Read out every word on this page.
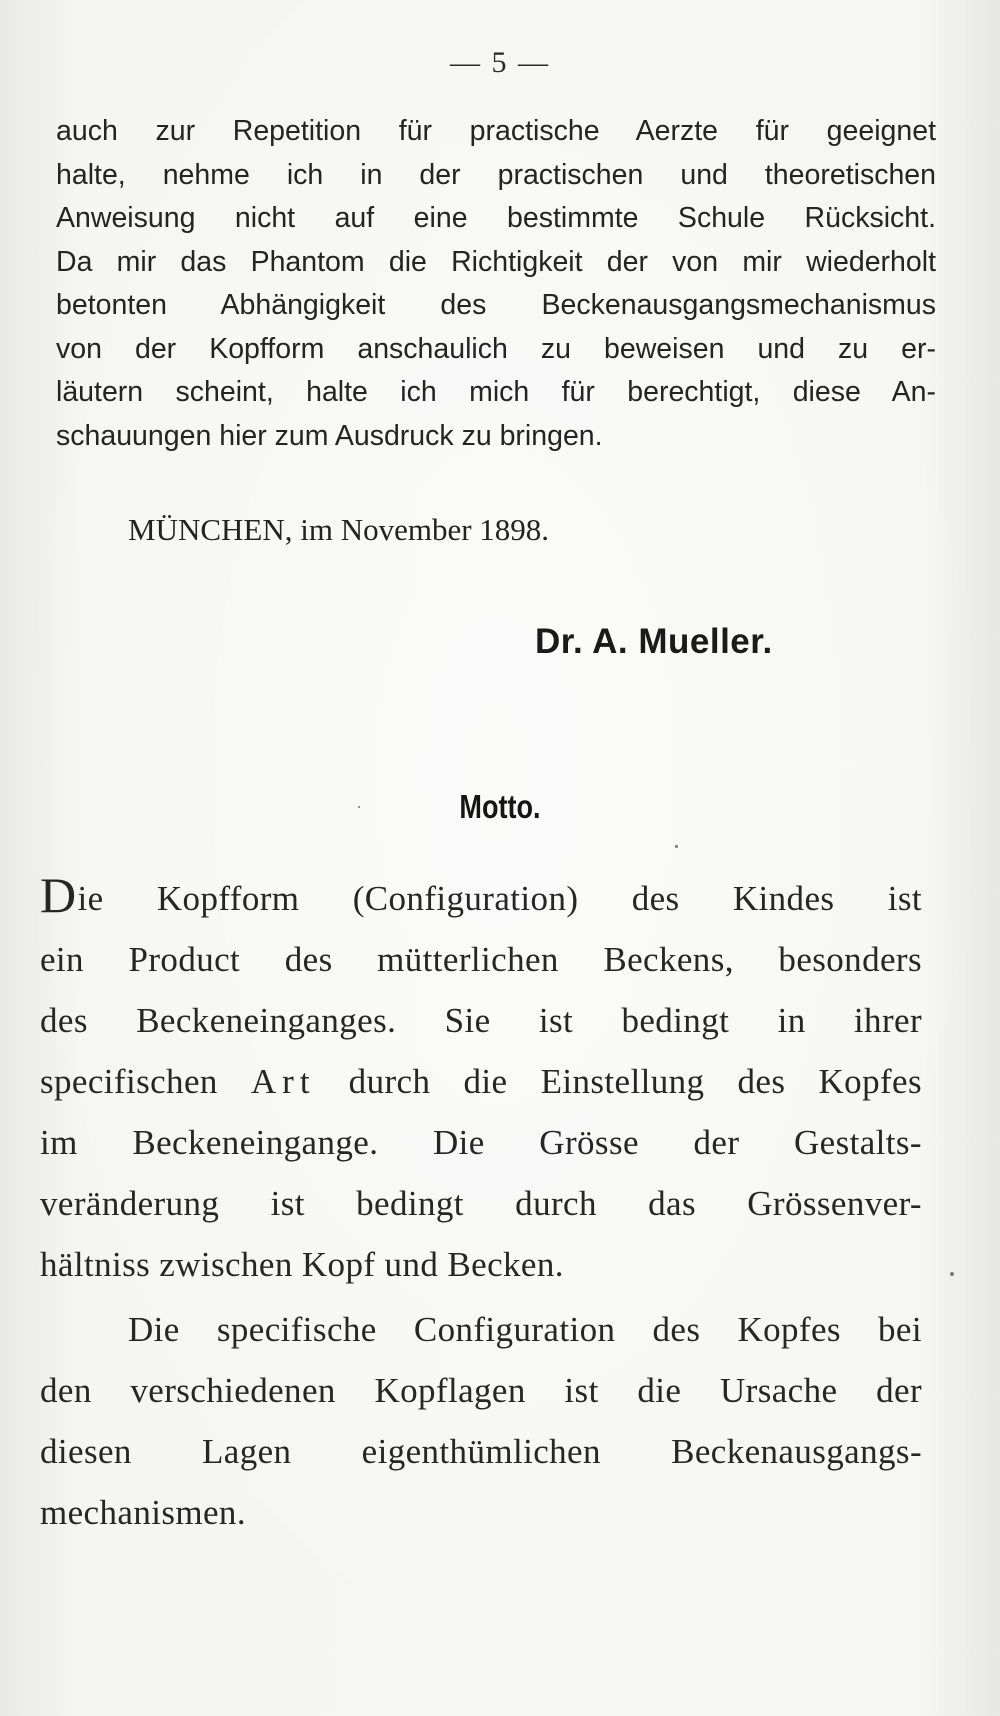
— 5 —
auch zur Repetition für practische Aerzte für geeignet
halte, nehme ich in der practischen und theoretischen
Anweisung nicht auf eine bestimmte Schule Rücksicht.
Da mir das Phantom die Richtigkeit der von mir wiederholt
betonten Abhängigkeit des Beckenausgangsmechanismus
von der Kopfform anschaulich zu beweisen und zu er-
läutern scheint, halte ich mich für berechtigt, diese An-
schauungen hier zum Ausdruck zu bringen.
MÜNCHEN, im November 1898.
Dr. A. Mueller.
Motto.
Die Kopfform (Configuration) des Kindes ist
ein Product des mütterlichen Beckens, besonders
des Beckeneinganges. Sie ist bedingt in ihrer
specifischen Art durch die Einstellung des Kopfes
im Beckeneingange. Die Grösse der Gestalts-
veränderung ist bedingt durch das Grössenver-
hältniss zwischen Kopf und Becken.
Die specifische Configuration des Kopfes bei
den verschiedenen Kopflagen ist die Ursache der
diesen Lagen eigenthümlichen Beckenausgangs-
mechanismen.
